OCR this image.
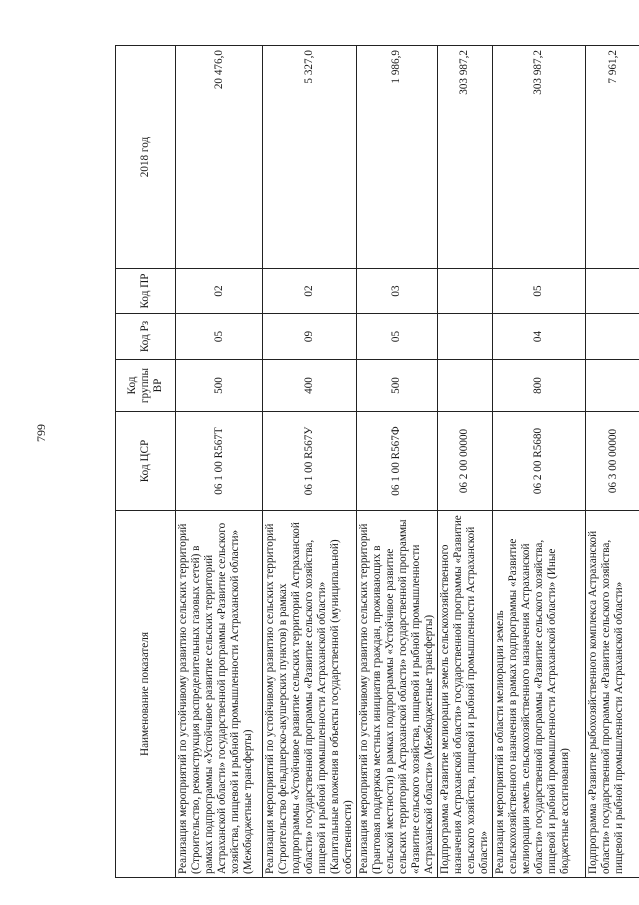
799
Наименование показателя	Код ЦСР	Код группы ВР	Код Рз	Код ПР	2018 год
Реализация мероприятий по устойчивому развитию сельских территорий (Строительство, реконструкция распределительных газовых сетей) в рамках подпрограммы «Устойчивое развитие сельских территорий Астраханской области» государственной программы «Развитие сельского хозяйства, пищевой и рыбной промышленности Астраханской области» (Межбюджетные трансферты)	06 1 00 R567Т	500	05	02	20 476,0
Реализация мероприятий по устойчивому развитию сельских территорий (Строительство фельдшерско-акушерских пунктов) в рамках подпрограммы «Устойчивое развитие сельских территорий Астраханской области» государственной программы «Развитие сельского хозяйства, пищевой и рыбной промышленности Астраханской области» (Капитальные вложения в объекты государственной (муниципальной) собственности)	06 1 00 R567У	400	09	02	5 327,0
Реализация мероприятий по устойчивому развитию сельских территорий (Грантовая поддержка местных инициатив граждан, проживающих в сельской местности) в рамках подпрограммы «Устойчивое развитие сельских территорий Астраханской области» государственной программы «Развитие сельского хозяйства, пищевой и рыбной промышленности Астраханской области» (Межбюджетные трансферты)	06 1 00 R567Ф	500	05	03	1 986,9
Подпрограмма «Развитие мелиорации земель сельскохозяйственного назначения Астраханской области» государственной программы «Развитие сельского хозяйства, пищевой и рыбной промышленности Астраханской области»	06 2 00 00000				303 987,2
Реализация мероприятий в области мелиорации земель сельскохозяйственного назначения в рамках подпрограммы «Развитие мелиорации земель сельскохозяйственного назначения Астраханской области» государственной программы «Развитие сельского хозяйства, пищевой и рыбной промышленности Астраханской области» (Иные бюджетные ассигнования)	06 2 00 R5680	800	04	05	303 987,2
Подпрограмма «Развитие рыбохозяйственного комплекса Астраханской области» государственной программы «Развитие сельского хозяйства, пищевой и рыбной промышленности Астраханской области»	06 3 00 00000				7 961,2
